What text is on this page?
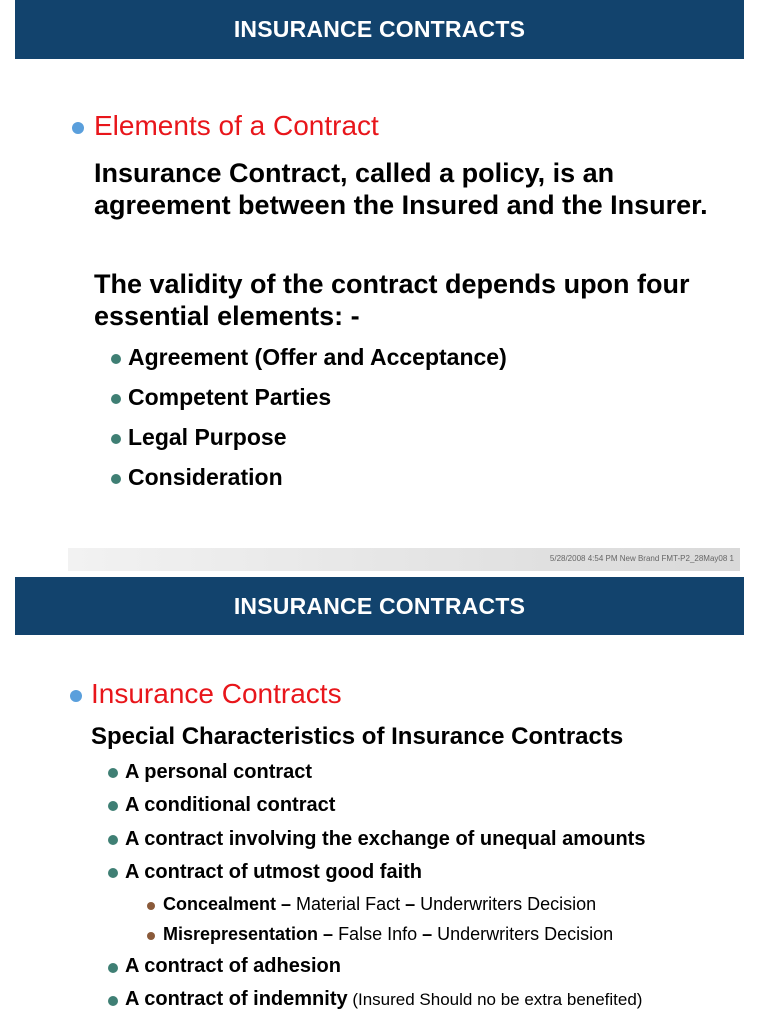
INSURANCE CONTRACTS
Elements of a Contract
Insurance Contract, called a policy, is an agreement between the Insured and the Insurer.
The validity of the contract depends upon four essential elements: -
Agreement (Offer and Acceptance)
Competent Parties
Legal Purpose
Consideration
5/28/2008 4:54 PM New Brand FMT-P2_28May08 1
INSURANCE CONTRACTS
Insurance Contracts
Special Characteristics of Insurance Contracts
A personal contract
A conditional contract
A contract involving the exchange of unequal amounts
A contract of utmost good faith
Concealment – Material Fact – Underwriters Decision
Misrepresentation – False Info – Underwriters Decision
A contract of adhesion
A contract of indemnity (Insured Should no be extra benefited)
